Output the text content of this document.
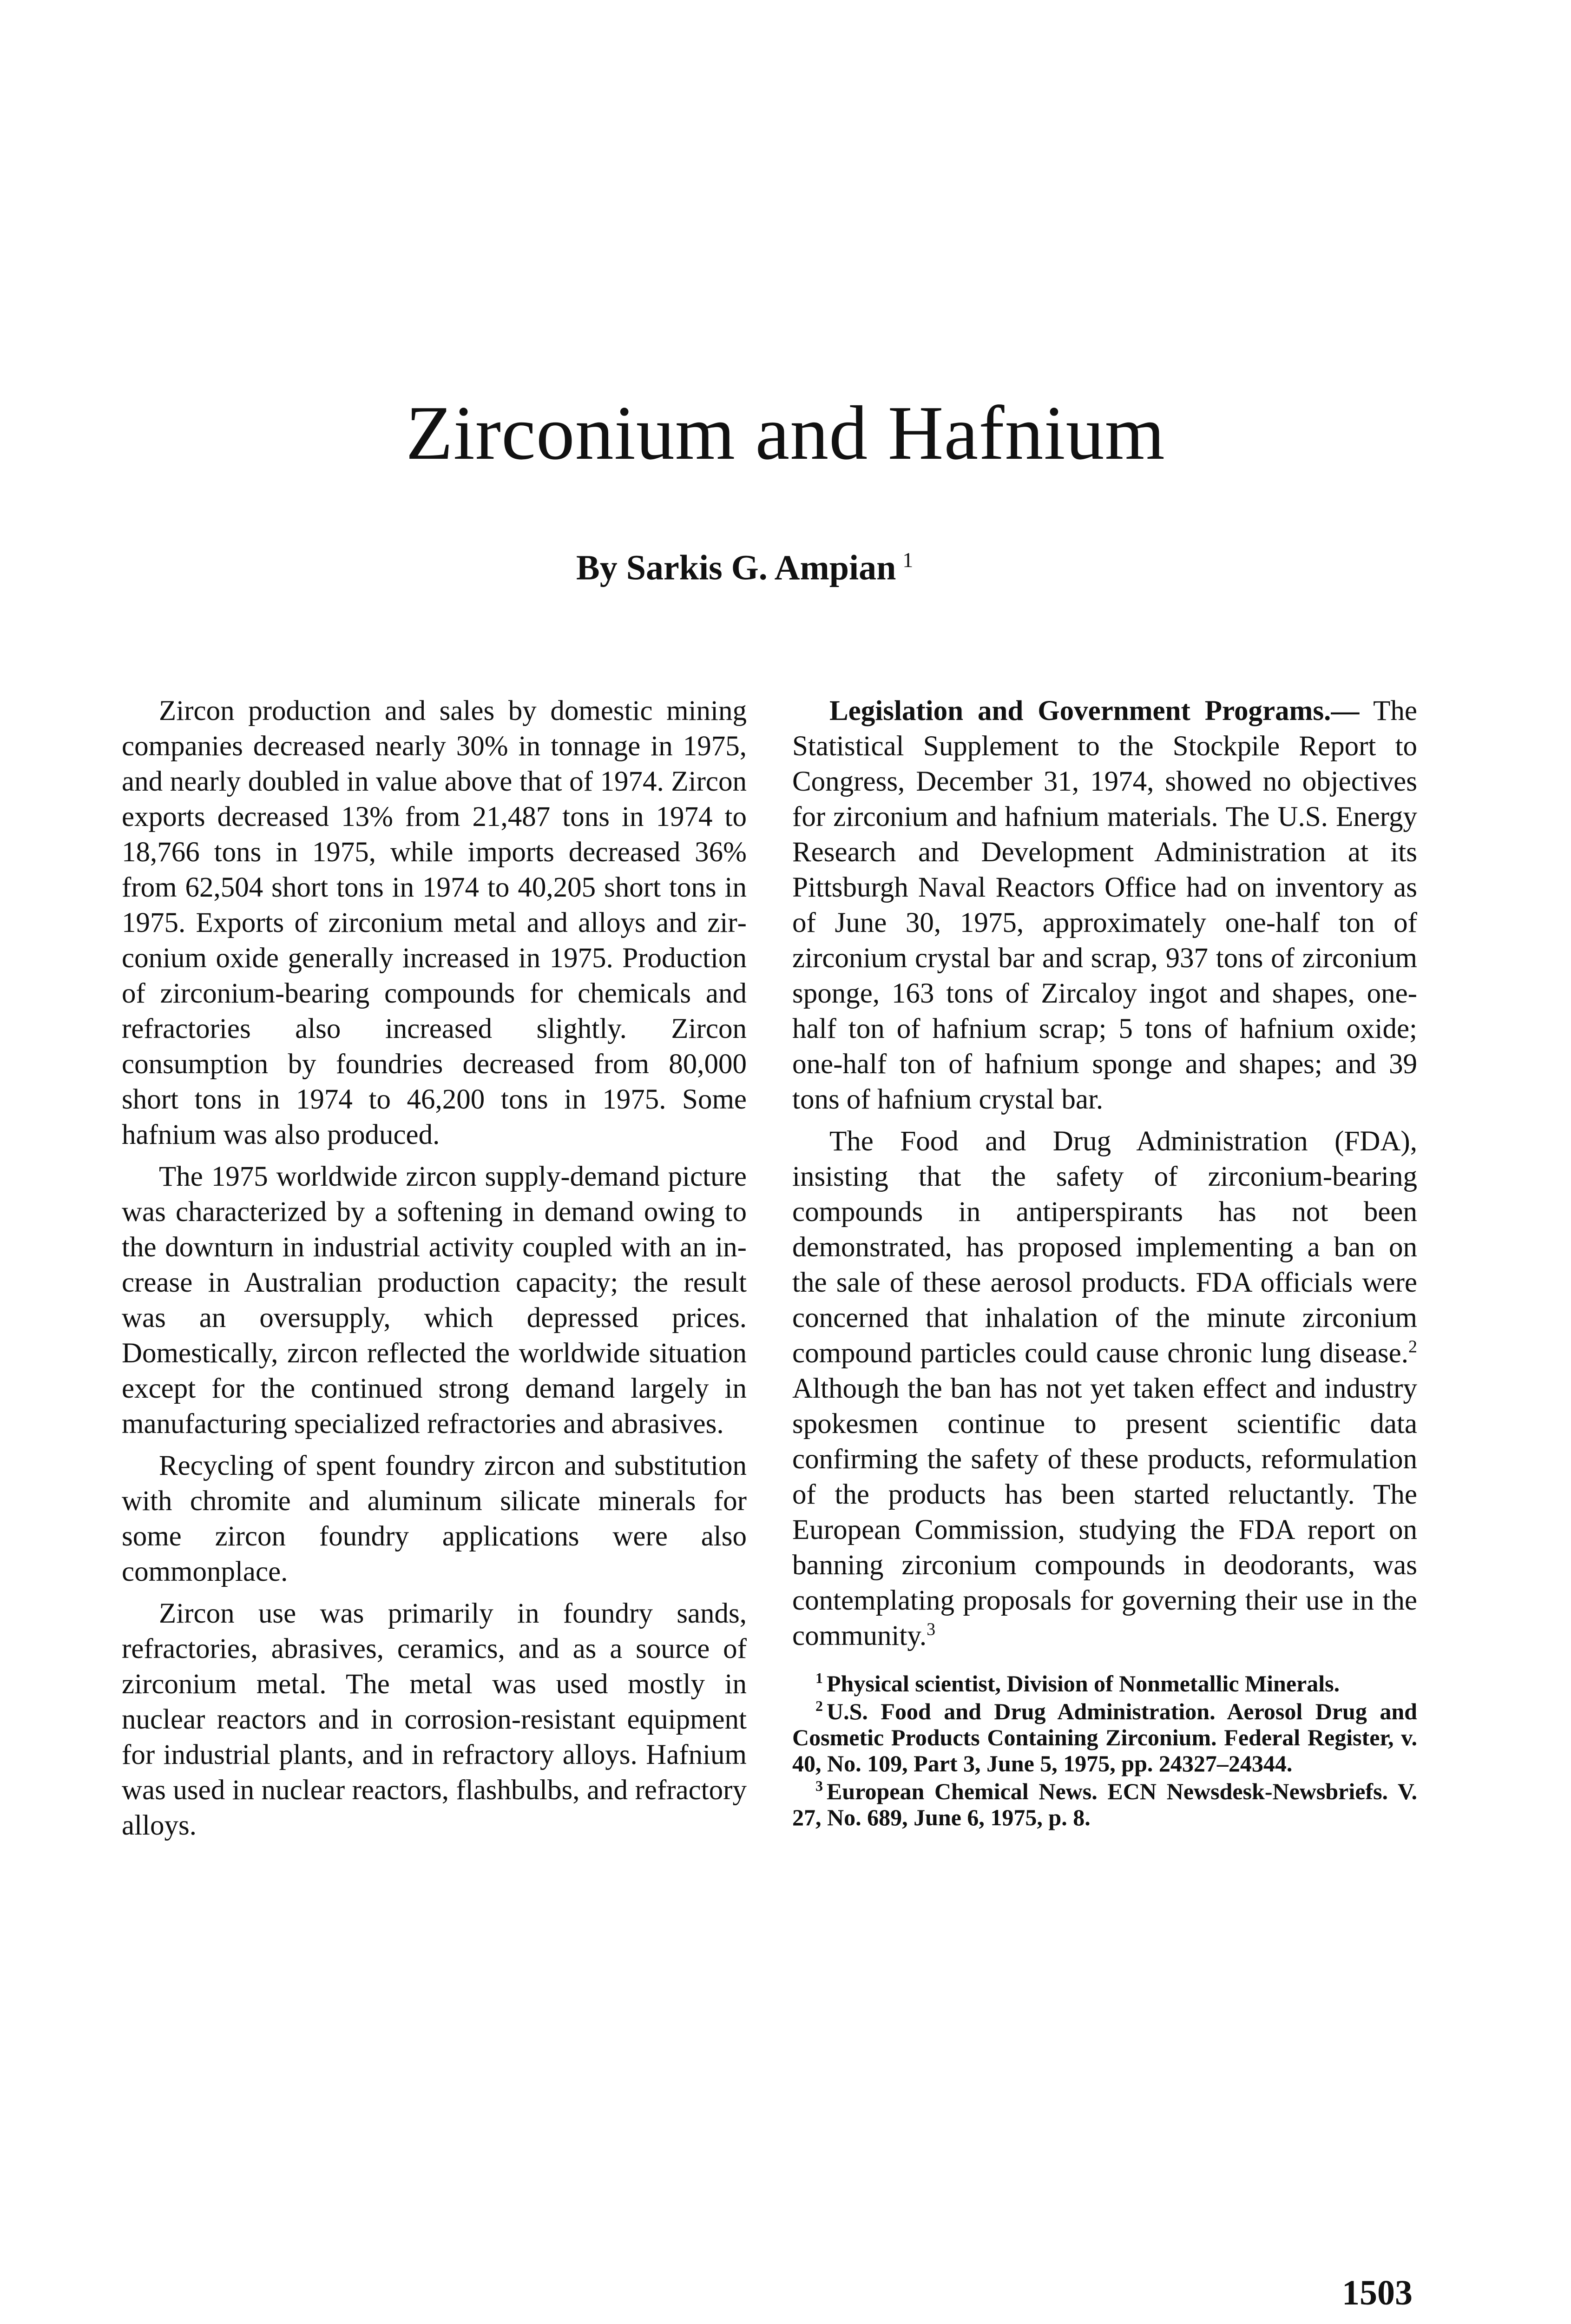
Zirconium and Hafnium

By Sarkis G. Ampian $^1$

Zircon production and sales by domestic mining companies decreased nearly 30% in tonnage in 1975, and nearly doubled in value above that of 1974. Zircon exports decreased 13% from 21,487 tons in 1974 to 18,766 tons in 1975, while imports decreased 36% from 62,504 short tons in 1974 to 40,205 short tons in 1975. Exports of zirconium metal and alloys and zirconium oxide generally increased in 1975. Production of zirconium-bearing compounds for chemicals and refractories also increased slightly. Zircon consumption by foundries decreased from 80,000 short tons in 1974 to 46,200 tons in 1975. Some hafnium was also produced.

The 1975 worldwide zircon supply-demand picture was characterized by a softening in demand owing to the downturn in industrial activity coupled with an increase in Australian production capacity; the result was an oversupply, which depressed prices. Domestically, zircon reflected the worldwide situation except for the continued strong demand largely in manufacturing specialized refractories and abrasives.

Recycling of spent foundry zircon and substitution with chromite and aluminum silicate minerals for some zircon foundry applications were also commonplace.

Zircon use was primarily in foundry sands, refractories, abrasives, ceramics, and as a source of zirconium metal. The metal was used mostly in nuclear reactors and in corrosion-resistant equipment for industrial plants, and in refractory alloys. Hafnium was used in nuclear reactors, flashbulbs, and refractory alloys.

Legislation and Government Programs.— The Statistical Supplement to the Stockpile Report to Congress, December 31, 1974, showed no objectives for zirconium and hafnium materials. The U.S. Energy Research and Development Administration at its Pittsburgh Naval Reactors Office had on inventory as of June 30, 1975, approximately one-half ton of zirconium crystal bar and scrap, 937 tons of zirconium sponge, 163 tons of Zircaloy ingot and shapes, one-half ton of hafnium scrap; 5 tons of hafnium oxide; one-half ton of hafnium sponge and shapes; and 39 tons of hafnium crystal bar.

The Food and Drug Administration (FDA), insisting that the safety of zirconium-bearing compounds in antiperspirants has not been demonstrated, has proposed implementing a ban on the sale of these aerosol products. FDA officials were concerned that inhalation of the minute zirconium compound particles could cause chronic lung disease.$^2$ Although the ban has not yet taken effect and industry spokesmen continue to present scientific data confirming the safety of these products, reformulation of the products has been started reluctantly. The European Commission, studying the FDA report on banning zirconium compounds in deodorants, was contemplating proposals for governing their use in the community.$^3$

$^1$ Physical scientist, Division of Nonmetallic Minerals.

$^2$ U.S. Food and Drug Administration. Aerosol Drug and Cosmetic Products Containing Zirconium. Federal Register, v. 40, No. 109, Part 3, June 5, 1975, pp. 24327–24344.

$^3$ European Chemical News. ECN Newsdesk-Newsbriefs. V. 27, No. 689, June 6, 1975, p. 8.

1503
